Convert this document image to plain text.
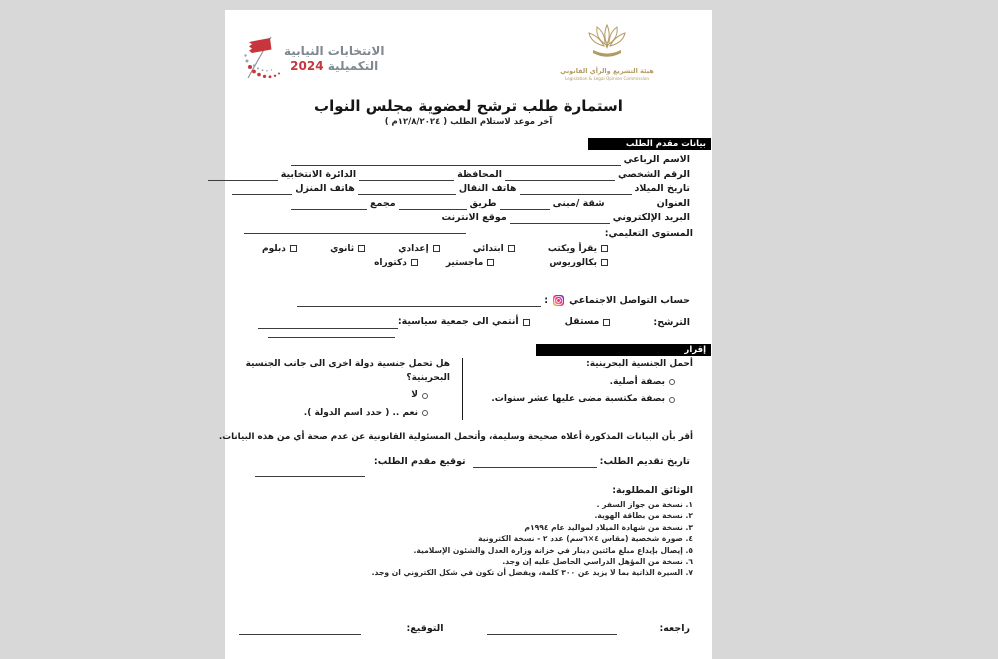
الانتخابات النيابية
التكميلية 2024	هيئة التشريع والرأي القانوني
Legislation & Legal Opinion Commission
استمارة طلب ترشح لعضوية مجلس النواب
آخر موعد لاستلام الطلب ( ١٢/٨/٢٠٢٤م )
بيانات مقدم الطلب
الاسم الرباعي
الرقم الشخصي
المحافظة
الدائرة الانتخابية
تاريخ الميلاد
هاتف النقال
هاتف المنزل
العنوان
شقة /مبنى
طريق
مجمع
البريد الإلكتروني
موقع الانترنت
المستوى التعليمي:
يقرأ ويكتب
ابتدائي
إعدادي
ثانوي
دبلوم
بكالوريوس
ماجستير
دكتوراه
حساب التواصل الاجتماعي
:
الترشح:
مستقل
أنتمي الى جمعية سياسية:
إقرار
أحمل الجنسية البحرينية:
بصفة أصلية.
بصفة مكتسبة مضى عليها عشر سنوات.
هل تحمل جنسية دولة اخرى الى جانب الجنسية البحرينية؟
لا
نعم .. ( حدد اسم الدولة ).
أقر بأن البيانات المذكورة أعلاه صحيحة وسليمة، وأتحمل المسئولية القانونية عن عدم صحة أي من هذه البيانات.
تاريخ تقديم الطلب:
توقيع مقدم الطلب:
الوثائق المطلوبة:
١. نسخة من جواز السفر .
٢. نسخة من بطاقة الهوية.
٣. نسخة من شهادة الميلاد لمواليد عام ١٩٩٤م
٤. صورة شخصية (مقاس ٤×٦سم) عدد ٢ - نسخة الكترونية
٥. إيصال بإيداع مبلغ مائتين دينار في خزانة وزارة العدل والشئون الإسلامية.
٦. نسخة من المؤهل الدراسي الحاصل عليه إن وجد.
٧. السيرة الذاتية بما لا يزيد عن ٣٠٠ كلمة، ويفضل أن تكون في شكل الكتروني ان وجد.
راجعه:
التوقيع:
